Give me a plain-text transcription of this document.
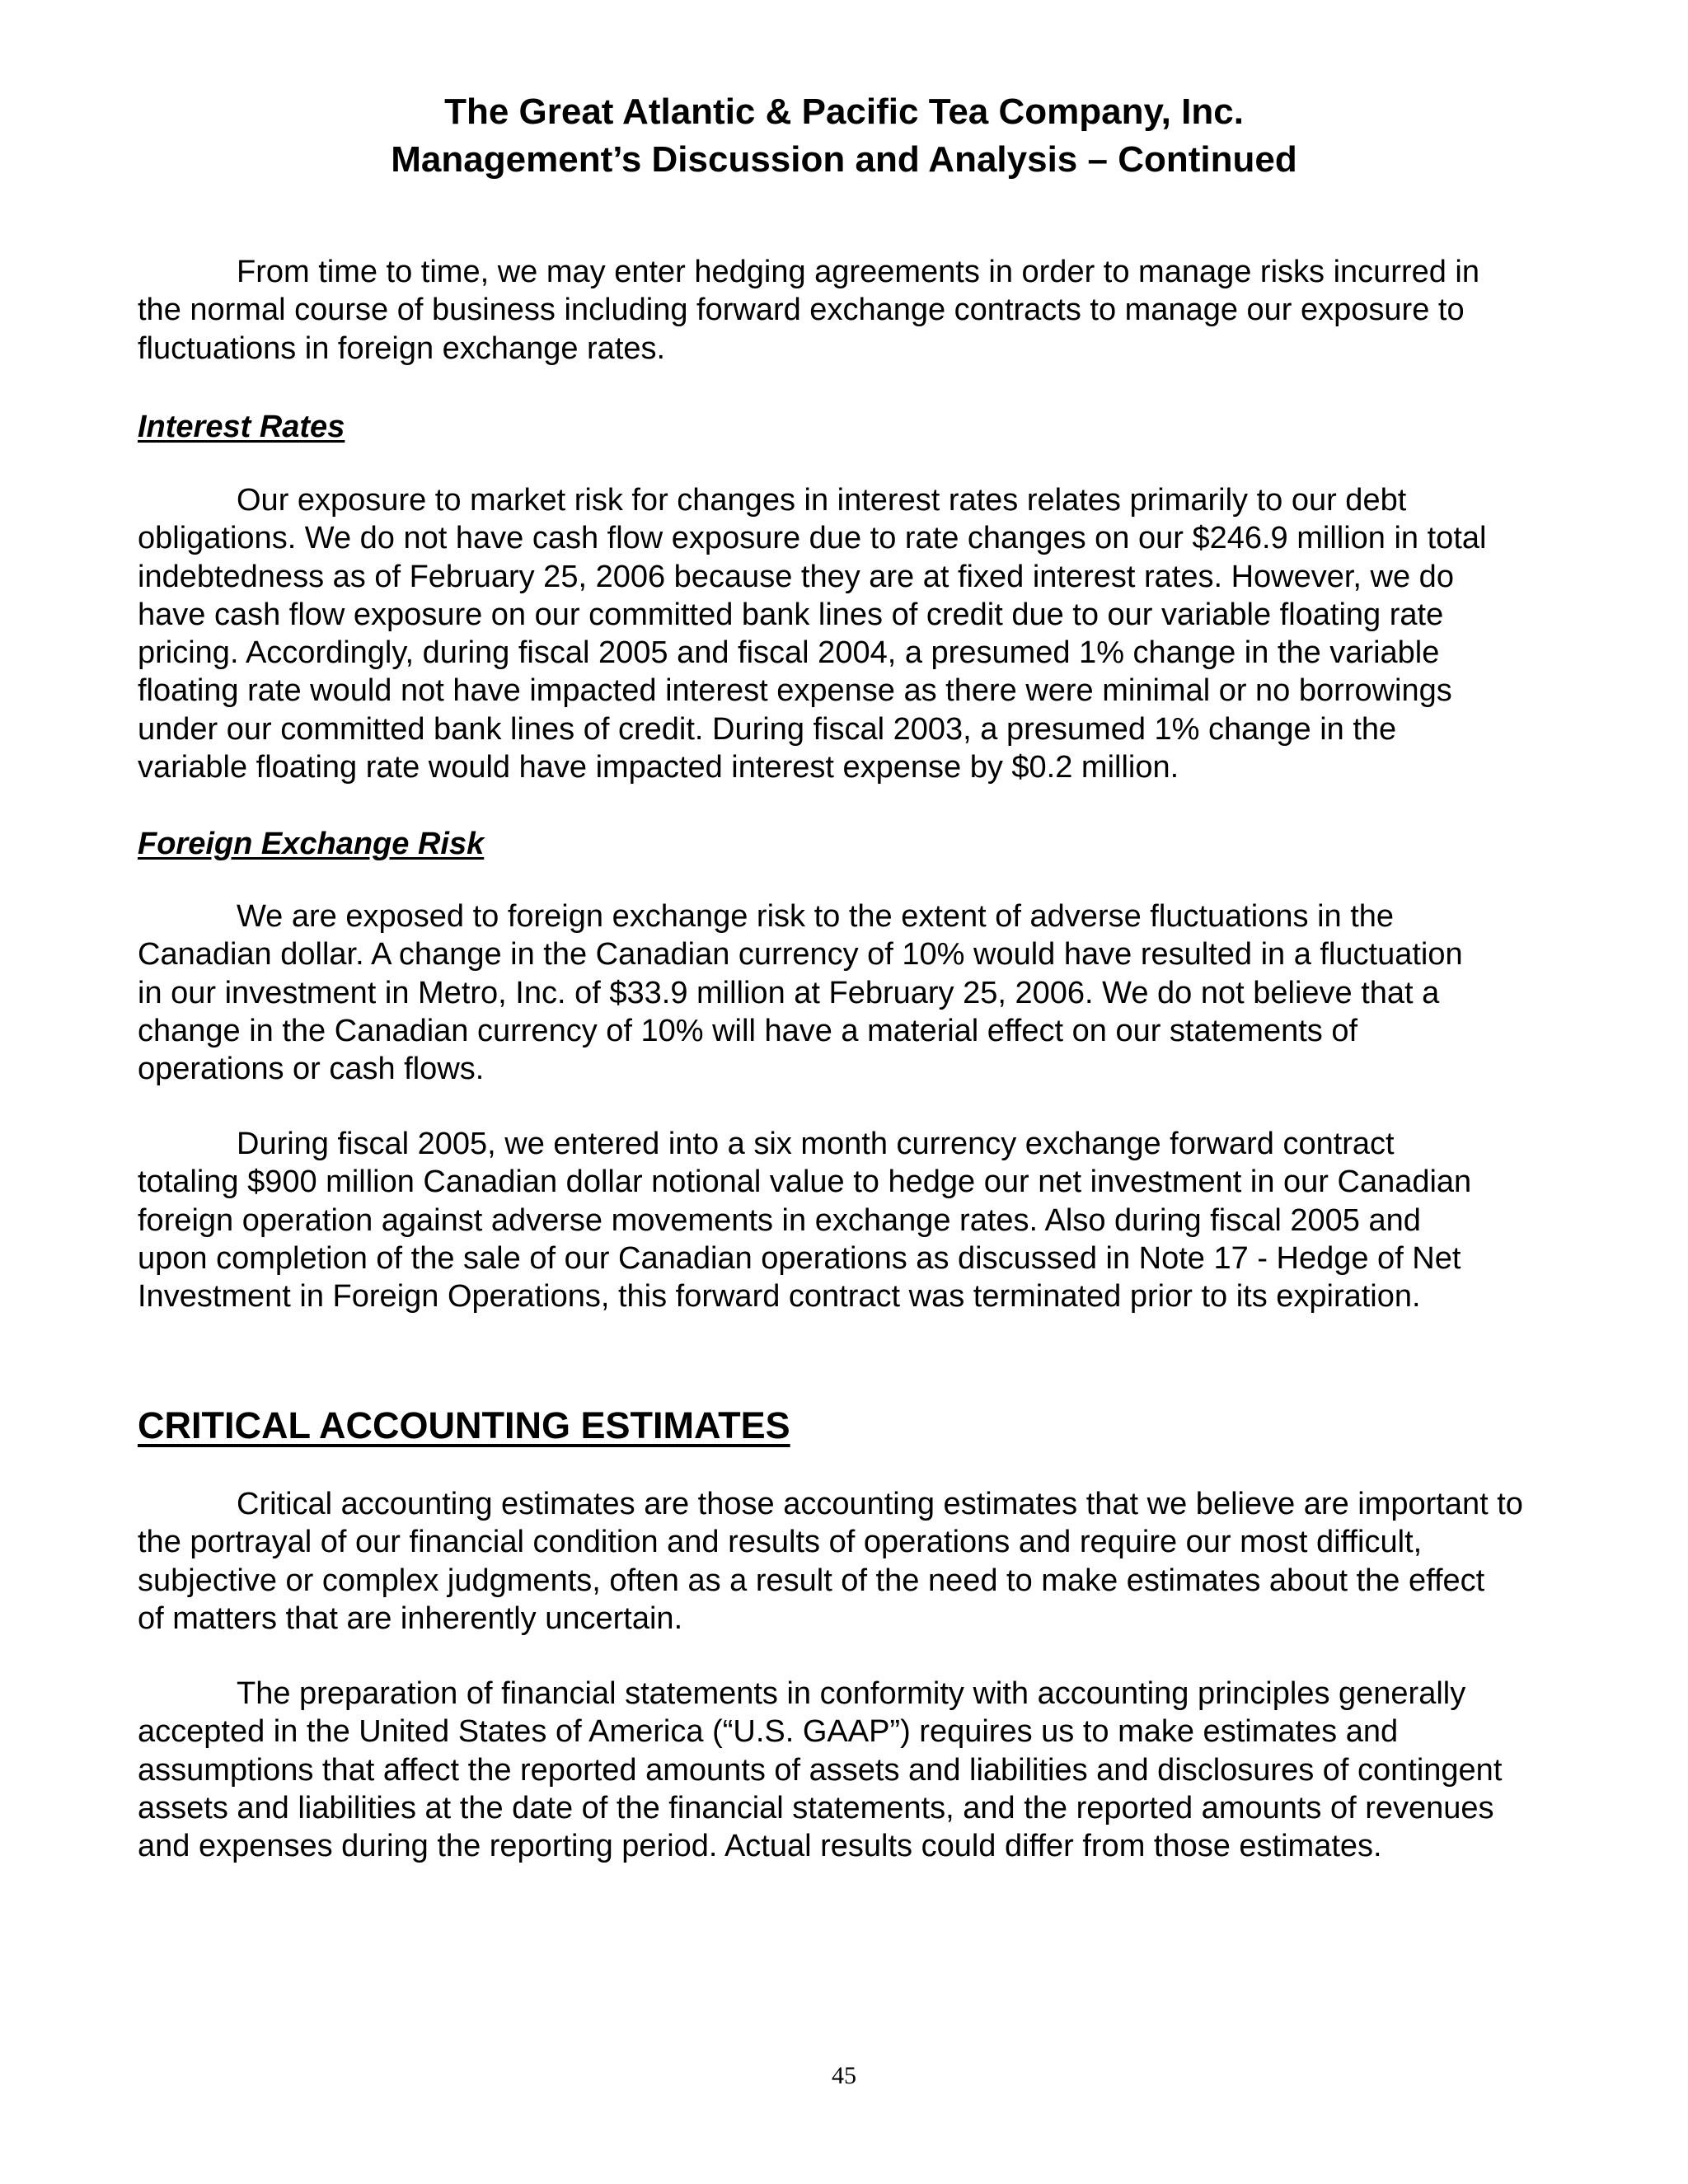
The Great Atlantic & Pacific Tea Company, Inc.
Management’s Discussion and Analysis – Continued
From time to time, we may enter hedging agreements in order to manage risks incurred in
the normal course of business including forward exchange contracts to manage our exposure to
fluctuations in foreign exchange rates.
Interest Rates
Our exposure to market risk for changes in interest rates relates primarily to our debt
obligations. We do not have cash flow exposure due to rate changes on our $246.9 million in total
indebtedness as of February 25, 2006 because they are at fixed interest rates. However, we do
have cash flow exposure on our committed bank lines of credit due to our variable floating rate
pricing. Accordingly, during fiscal 2005 and fiscal 2004, a presumed 1% change in the variable
floating rate would not have impacted interest expense as there were minimal or no borrowings
under our committed bank lines of credit. During fiscal 2003, a presumed 1% change in the
variable floating rate would have impacted interest expense by $0.2 million.
Foreign Exchange Risk
We are exposed to foreign exchange risk to the extent of adverse fluctuations in the
Canadian dollar. A change in the Canadian currency of 10% would have resulted in a fluctuation
in our investment in Metro, Inc. of $33.9 million at February 25, 2006. We do not believe that a
change in the Canadian currency of 10% will have a material effect on our statements of
operations or cash flows.
During fiscal 2005, we entered into a six month currency exchange forward contract
totaling $900 million Canadian dollar notional value to hedge our net investment in our Canadian
foreign operation against adverse movements in exchange rates. Also during fiscal 2005 and
upon completion of the sale of our Canadian operations as discussed in Note 17 - Hedge of Net
Investment in Foreign Operations, this forward contract was terminated prior to its expiration.
CRITICAL ACCOUNTING ESTIMATES
Critical accounting estimates are those accounting estimates that we believe are important to
the portrayal of our financial condition and results of operations and require our most difficult,
subjective or complex judgments, often as a result of the need to make estimates about the effect
of matters that are inherently uncertain.
The preparation of financial statements in conformity with accounting principles generally
accepted in the United States of America (“U.S. GAAP”) requires us to make estimates and
assumptions that affect the reported amounts of assets and liabilities and disclosures of contingent
assets and liabilities at the date of the financial statements, and the reported amounts of revenues
and expenses during the reporting period. Actual results could differ from those estimates.
45
